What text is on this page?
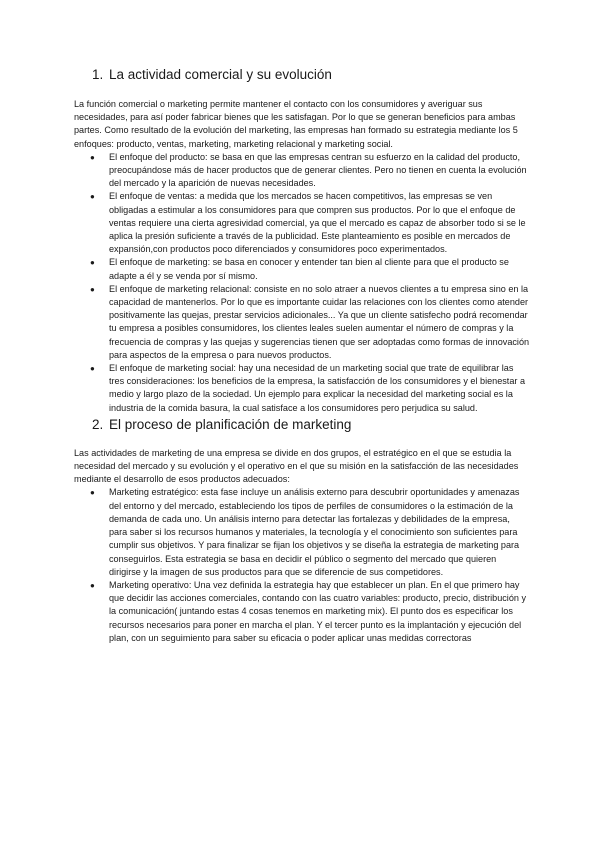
1. La actividad comercial y su evolución

La función comercial o marketing permite mantener el contacto con los consumidores y averiguar sus necesidades, para así poder fabricar bienes que les satisfagan. Por lo que se generan beneficios para ambas partes. Como resultado de la evolución del marketing, las empresas han formado su estrategia mediante los 5 enfoques: producto, ventas, marketing, marketing relacional y marketing social.

● El enfoque del producto: se basa en que las empresas centran su esfuerzo en la calidad del producto, preocupándose más de hacer productos que de generar clientes. Pero no tienen en cuenta la evolución del mercado y la aparición de nuevas necesidades.
● El enfoque de ventas: a medida que los mercados se hacen competitivos, las empresas se ven obligadas a estimular a los consumidores para que compren sus productos. Por lo que el enfoque de ventas requiere una cierta agresividad comercial, ya que el mercado es capaz de absorber todo si se le aplica la presión suficiente a través de la publicidad. Este planteamiento es posible en mercados de expansión,con productos poco diferenciados y consumidores poco experimentados.
● El enfoque de marketing: se basa en conocer y entender tan bien al cliente para que el producto se adapte a él y se venda por sí mismo.
● El enfoque de marketing relacional: consiste en no solo atraer a nuevos clientes a tu empresa sino en la capacidad de mantenerlos. Por lo que es importante cuidar las relaciones con los clientes como atender positivamente las quejas, prestar servicios adicionales... Ya que un cliente satisfecho podrá recomendar tu empresa a posibles consumidores, los clientes leales suelen aumentar el número de compras y la frecuencia de compras y las quejas y sugerencias tienen que ser adoptadas como formas de innovación para aspectos de la empresa o para nuevos productos.
● El enfoque de marketing social: hay una necesidad de un marketing social que trate de equilibrar las tres consideraciones: los beneficios de la empresa, la satisfacción de los consumidores y el bienestar a medio y largo plazo de la sociedad. Un ejemplo para explicar la necesidad del marketing social es la industria de la comida basura, la cual satisface a los consumidores pero perjudica su salud.
2. El proceso de planificación de marketing

Las actividades de marketing de una empresa se divide en dos grupos, el estratégico en el que se estudia la necesidad del mercado y su evolución y el operativo en el que su misión en la satisfacción de las necesidades mediante el desarrollo de esos productos adecuados:

● Marketing estratégico: esta fase incluye un análisis externo para descubrir oportunidades y amenazas del entorno y del mercado, estableciendo los tipos de perfiles de consumidores o la estimación de la demanda de cada uno. Un análisis interno para detectar las fortalezas y debilidades de la empresa, para saber si los recursos humanos y materiales, la tecnología y el conocimiento son suficientes para cumplir sus objetivos. Y para finalizar se fijan los objetivos y se diseña la estrategia de marketing para conseguirlos. Esta estrategia se basa en decidir el público o segmento del mercado que quieren dirigirse y la imagen de sus productos para que se diferencie de sus competidores.
● Marketing operativo: Una vez definida la estrategia hay que establecer un plan. En el que primero hay que decidir las acciones comerciales, contando con las cuatro variables: producto, precio, distribución y la comunicación( juntando estas 4 cosas tenemos en marketing mix). El punto dos es especificar los recursos necesarios para poner en marcha el plan. Y el tercer punto es la implantación y ejecución del plan, con un seguimiento para saber su eficacia o poder aplicar unas medidas correctoras
